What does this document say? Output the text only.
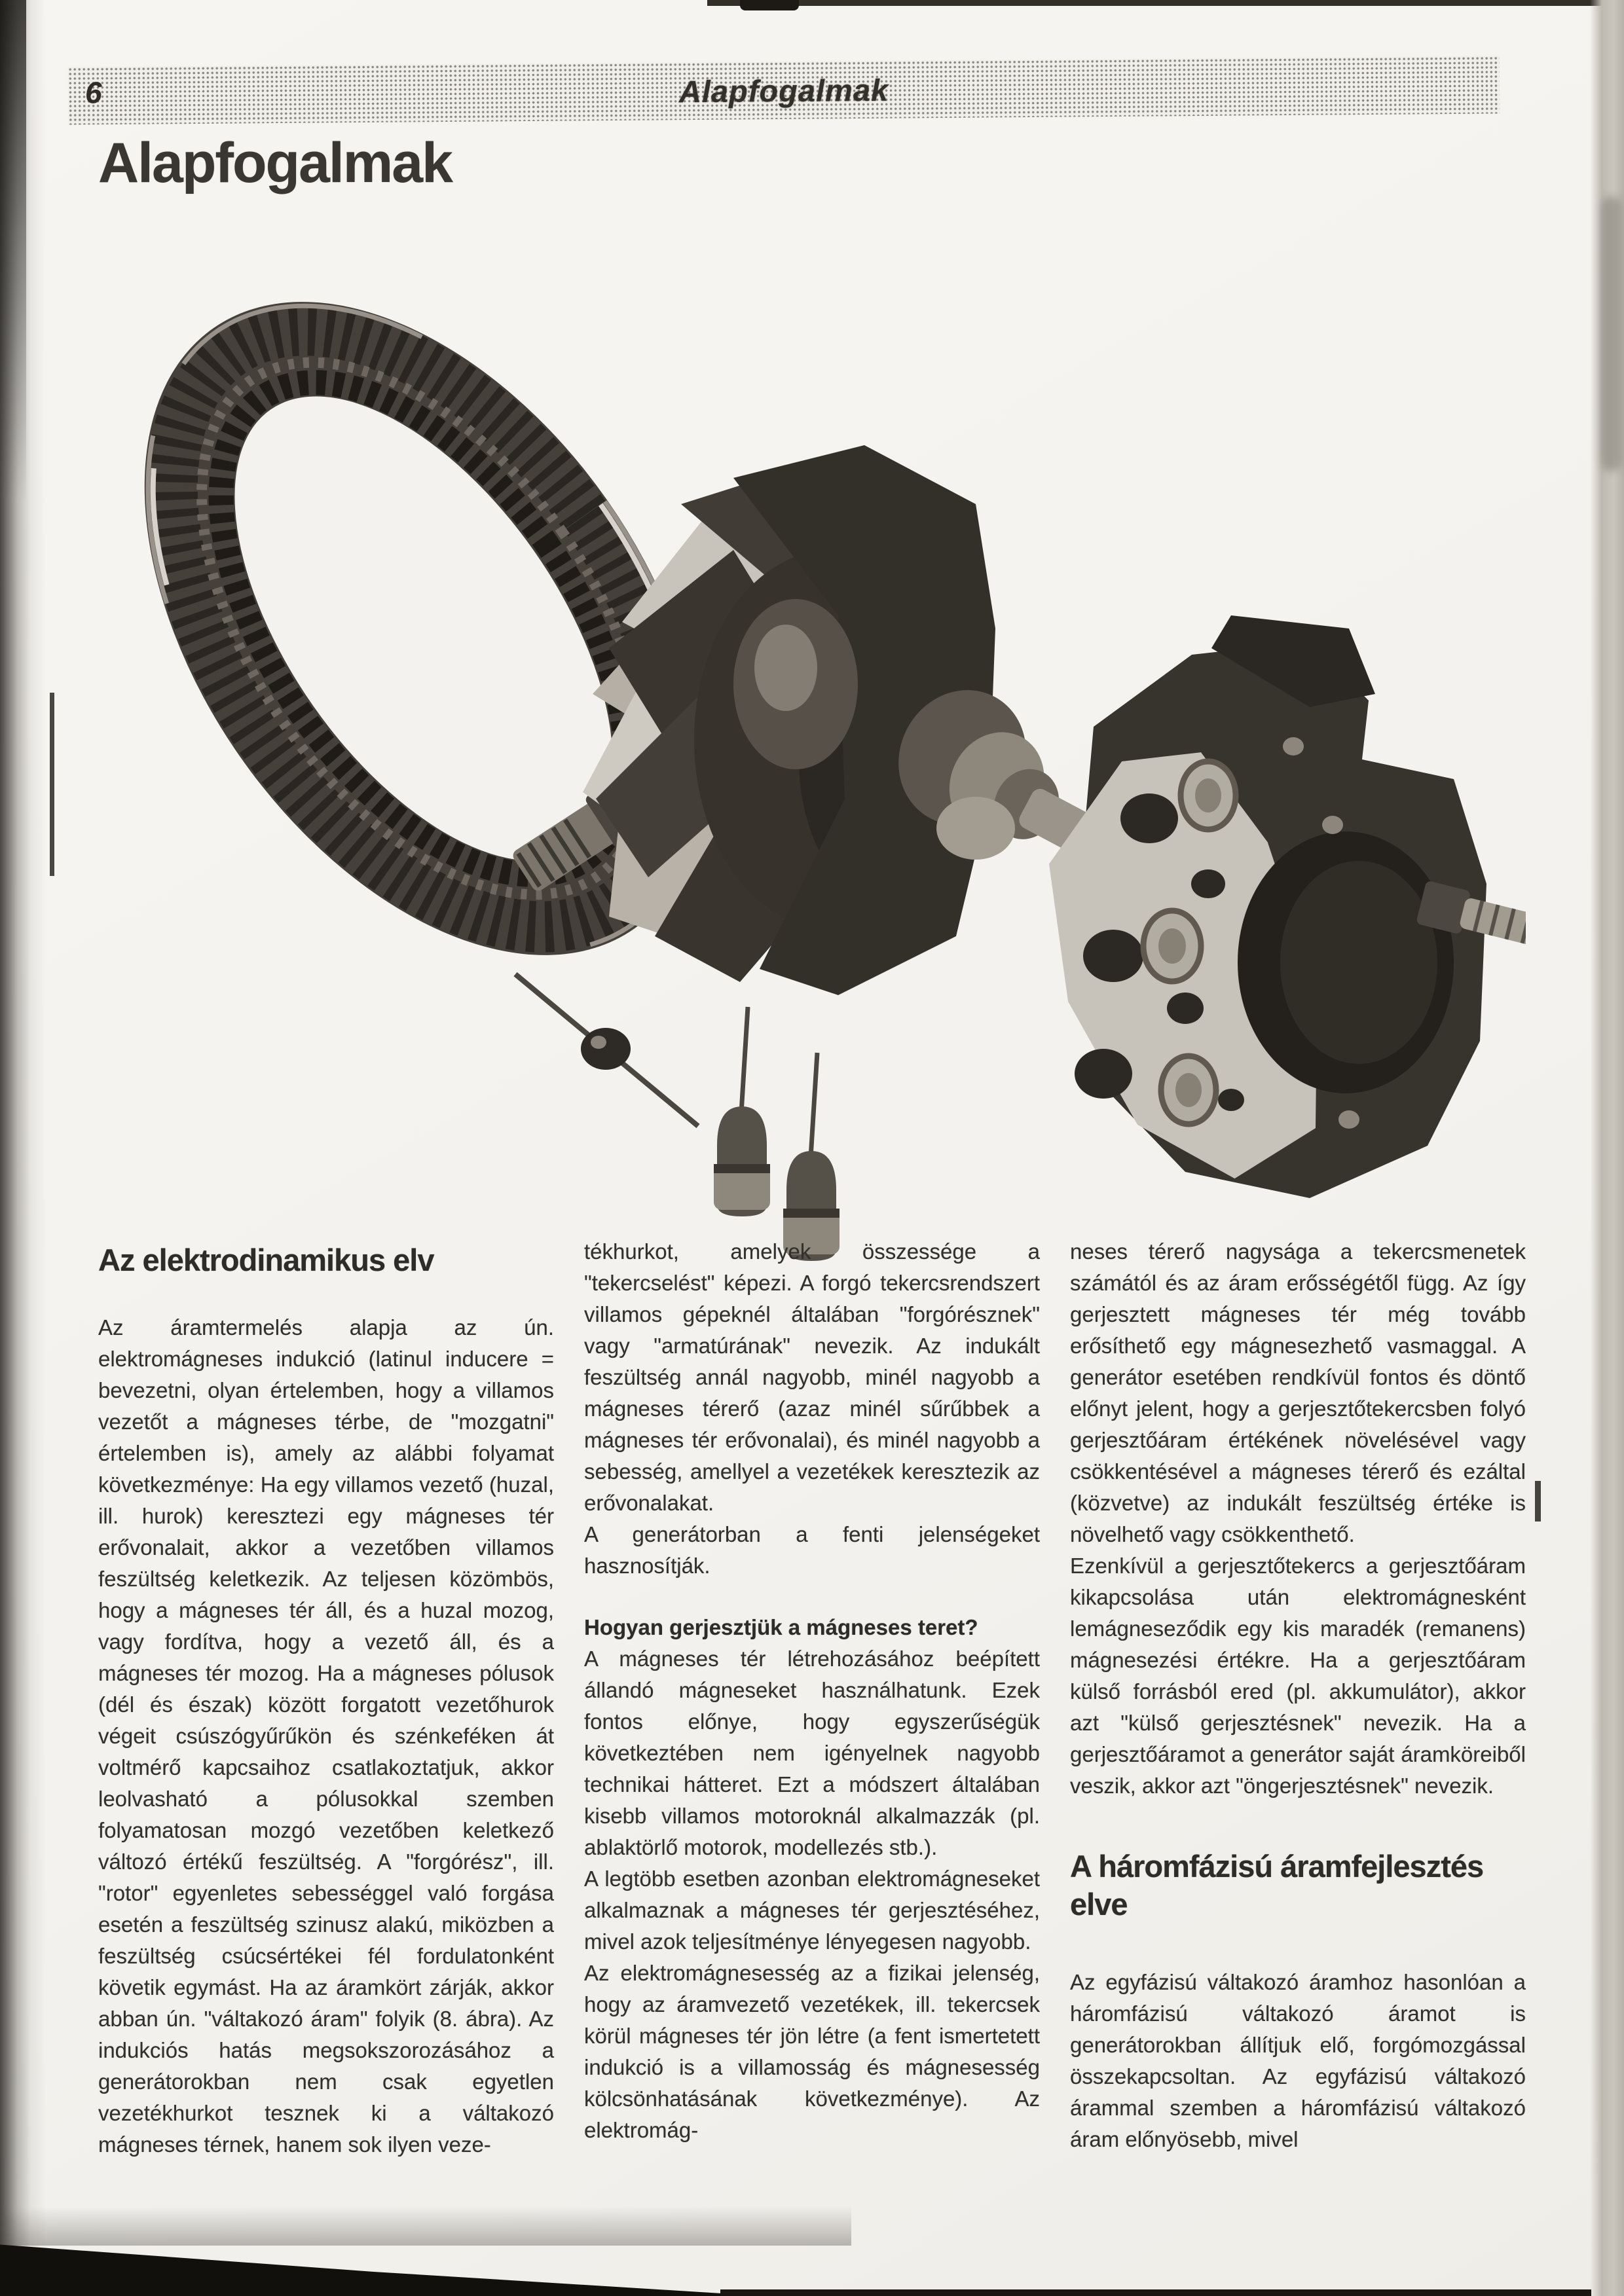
6	Alapfogalmak
Alapfogalmak
Az elektrodinamikus elv

Az áramtermelés alapja az ún. elektromágneses indukció (latinul inducere = bevezetni, olyan értelemben, hogy a villamos vezetőt a mágneses térbe, de "mozgatni" értelemben is), amely az alábbi folyamat következménye: Ha egy villamos vezető (huzal, ill. hurok) keresztezi egy mágneses tér erővonalait, akkor a vezetőben villamos feszültség keletkezik. Az teljesen közömbös, hogy a mágneses tér áll, és a huzal mozog, vagy fordítva, hogy a vezető áll, és a mágneses tér mozog. Ha a mágneses pólusok (dél és észak) között forgatott vezetőhurok végeit csúszógyűrűkön és szénkeféken át voltmérő kapcsaihoz csatlakoztatjuk, akkor leolvasható a pólusokkal szemben folyamatosan mozgó vezetőben keletkező változó értékű feszültség. A "forgórész", ill. "rotor" egyenletes sebességgel való forgása esetén a feszültség szinusz alakú, miközben a feszültség csúcsértékei fél fordulatonként követik egymást. Ha az áramkört zárják, akkor abban ún. "váltakozó áram" folyik (8. ábra). Az indukciós hatás megsokszorozásához a generátorokban nem csak egyetlen vezetékhurkot tesznek ki a váltakozó mágneses térnek, hanem sok ilyen veze-

tékhurkot, amelyek összessége a "tekercselést" képezi. A forgó tekercsrendszert villamos gépeknél általában "forgórésznek" vagy "armatúrának" nevezik. Az indukált feszültség annál nagyobb, minél nagyobb a mágneses térerő (azaz minél sűrűbbek a mágneses tér erővonalai), és minél nagyobb a sebesség, amellyel a vezetékek keresztezik az erővonalakat.

A generátorban a fenti jelenségeket hasznosítják.

Hogyan gerjesztjük a mágneses teret?

A mágneses tér létrehozásához beépített állandó mágneseket használhatunk. Ezek fontos előnye, hogy egyszerűségük következtében nem igényelnek nagyobb technikai hátteret. Ezt a módszert általában kisebb villamos motoroknál alkalmazzák (pl. ablaktörlő motorok, modellezés stb.).

A legtöbb esetben azonban elektromágneseket alkalmaznak a mágneses tér gerjesztéséhez, mivel azok teljesítménye lényegesen nagyobb.

Az elektromágnesesség az a fizikai jelenség, hogy az áramvezető vezetékek, ill. tekercsek körül mágneses tér jön létre (a fent ismertetett indukció is a villamosság és mágnesesség kölcsönhatásának következménye). Az elektromág-

neses térerő nagysága a tekercsmenetek számától és az áram erősségétől függ. Az így gerjesztett mágneses tér még tovább erősíthető egy mágnesezhető vasmaggal. A generátor esetében rendkívül fontos és döntő előnyt jelent, hogy a gerjesztőtekercsben folyó gerjesztőáram értékének növelésével vagy csökkentésével a mágneses térerő és ezáltal (közvetve) az indukált feszültség értéke is növelhető vagy csökkenthető.

Ezenkívül a gerjesztőtekercs a gerjesztőáram kikapcsolása után elektromágnesként lemágneseződik egy kis maradék (remanens) mágnesezési értékre. Ha a gerjesztőáram külső forrásból ered (pl. akkumulátor), akkor azt "külső gerjesztésnek" nevezik. Ha a gerjesztőáramot a generátor saját áramköreiből veszik, akkor azt "öngerjesztésnek" nevezik.

A háromfázisú áramfejlesztés elve

Az egyfázisú váltakozó áramhoz hasonlóan a háromfázisú váltakozó áramot is generátorokban állítjuk elő, forgómozgással összekapcsoltan. Az egyfázisú váltakozó árammal szemben a háromfázisú váltakozó áram előnyösebb, mivel
